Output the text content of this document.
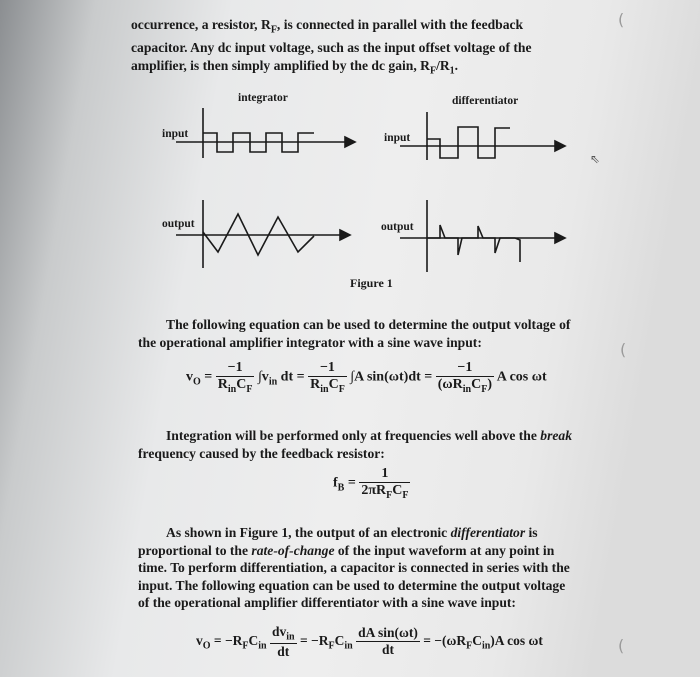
occurrence, a resistor, $R_F$, is connected in parallel with the feedback
capacitor. Any dc input voltage, such as the input offset voltage of the
amplifier, is then simply amplified by the dc gain, $R_F/R_1$.
integrator	differentiator
input	input
output	output
Figure 1
The following equation can be used to determine the output voltage of
the operational amplifier integrator with a sine wave input:
$v_O = \frac{-1}{R_{in}C_F} \int v_{in}$ dt = $\frac{-1}{R_{in}C_F} \int A$ $\sin(\omega t)dt = \frac{-1}{(\omega R_{in}C_F)}$ A cos ωt
Integration will be performed only at frequencies well above the break
frequency caused by the feedback resistor:
$f_B = \frac{1}{2\pi R_FC_F}$
As shown in Figure 1, the output of an electronic differentiator is
proportional to the rate-of-change of the input waveform at any point in
time. To perform differentiation, a capacitor is connected in series with the
input. The following equation can be used to determine the output voltage
of the operational amplifier differentiator with a sine wave input:
$v_O = -R_FC_{in} \frac{dv_{in}}{dt} = -R_FC_{in} \frac{\text{dA sin(ωt)}}{dt} = -(\omega R_FC_{in})A$ cos ωt
(
(
(
⇖
